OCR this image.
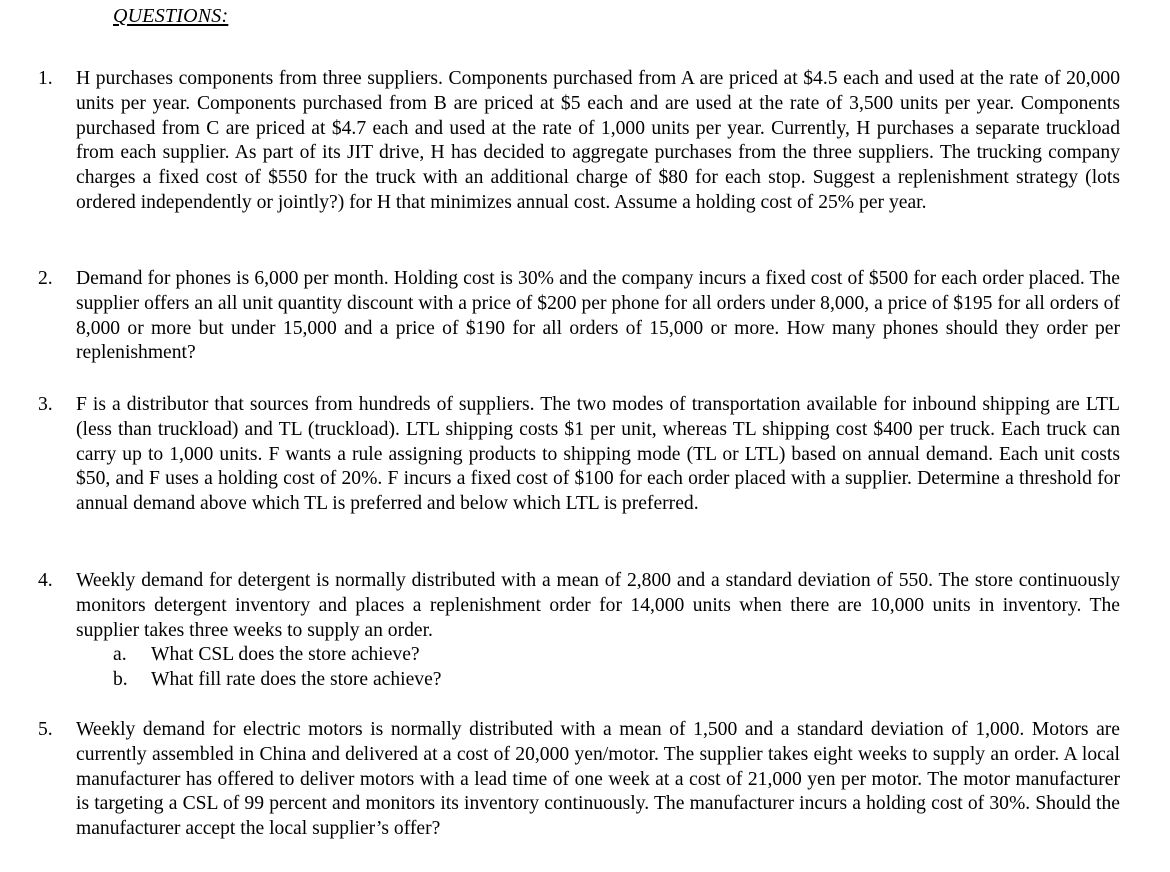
QUESTIONS:
1. H purchases components from three suppliers. Components purchased from A are priced at $4.5 each and used at the rate of 20,000 units per year. Components purchased from B are priced at $5 each and are used at the rate of 3,500 units per year. Components purchased from C are priced at $4.7 each and used at the rate of 1,000 units per year. Currently, H purchases a separate truckload from each supplier. As part of its JIT drive, H has decided to aggregate purchases from the three suppliers. The trucking company charges a fixed cost of $550 for the truck with an additional charge of $80 for each stop. Suggest a replenishment strategy (lots ordered independently or jointly?) for H that minimizes annual cost. Assume a holding cost of 25% per year.
2. Demand for phones is 6,000 per month. Holding cost is 30% and the company incurs a fixed cost of $500 for each order placed. The supplier offers an all unit quantity discount with a price of $200 per phone for all orders under 8,000, a price of $195 for all orders of 8,000 or more but under 15,000 and a price of $190 for all orders of 15,000 or more. How many phones should they order per replenishment?
3. F is a distributor that sources from hundreds of suppliers. The two modes of transportation available for inbound shipping are LTL (less than truckload) and TL (truckload). LTL shipping costs $1 per unit, whereas TL shipping cost $400 per truck. Each truck can carry up to 1,000 units. F wants a rule assigning products to shipping mode (TL or LTL) based on annual demand. Each unit costs $50, and F uses a holding cost of 20%. F incurs a fixed cost of $100 for each order placed with a supplier. Determine a threshold for annual demand above which TL is preferred and below which LTL is preferred.
4. Weekly demand for detergent is normally distributed with a mean of 2,800 and a standard deviation of 550. The store continuously monitors detergent inventory and places a replenishment order for 14,000 units when there are 10,000 units in inventory. The supplier takes three weeks to supply an order.
a. What CSL does the store achieve?
b. What fill rate does the store achieve?
5. Weekly demand for electric motors is normally distributed with a mean of 1,500 and a standard deviation of 1,000. Motors are currently assembled in China and delivered at a cost of 20,000 yen/motor. The supplier takes eight weeks to supply an order. A local manufacturer has offered to deliver motors with a lead time of one week at a cost of 21,000 yen per motor. The motor manufacturer is targeting a CSL of 99 percent and monitors its inventory continuously. The manufacturer incurs a holding cost of 30%. Should the manufacturer accept the local supplier’s offer?
